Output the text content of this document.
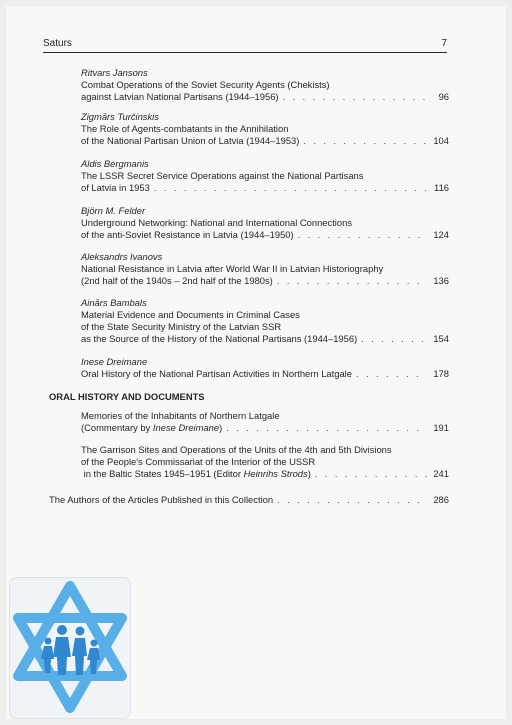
Saturs	7
Ritvars Jansons
Combat Operations of the Soviet Security Agents (Chekists)
against Latvian National Partisans (1944–1956) . . .	96
Zigmārs Turčinskis
The Role of Agents-combatants in the Annihilation
of the National Partisan Union of Latvia (1944–1953) . . .	104
Aldis Bergmanis
The LSSR Secret Service Operations against the National Partisans
of Latvia in 1953 . . .	116
Björn M. Felder
Underground Networking: National and International Connections
of the anti-Soviet Resistance in Latvia (1944–1950) . . .	124
Aleksandrs Ivanovs
National Resistance in Latvia after World War II in Latvian Historiography
(2nd half of the 1940s – 2nd half of the 1980s) . . .	136
Ainārs Bambals
Material Evidence and Documents in Criminal Cases
of the State Security Ministry of the Latvian SSR
as the Source of the History of the National Partisans (1944–1956) . . .	154
Inese Dreimane
Oral History of the National Partisan Activities in Northern Latgale . . .	178
ORAL HISTORY AND DOCUMENTS
Memories of the Inhabitants of Northern Latgale
(Commentary by Inese Dreimane) . . .	191
The Garrison Sites and Operations of the Units of the 4th and 5th Divisions
of the People's Commissariat of the Interior of the USSR
in the Baltic States 1945–1951 (Editor Heinrihs Strods) . . .	241
The Authors of the Articles Published in this Collection . . .	286
